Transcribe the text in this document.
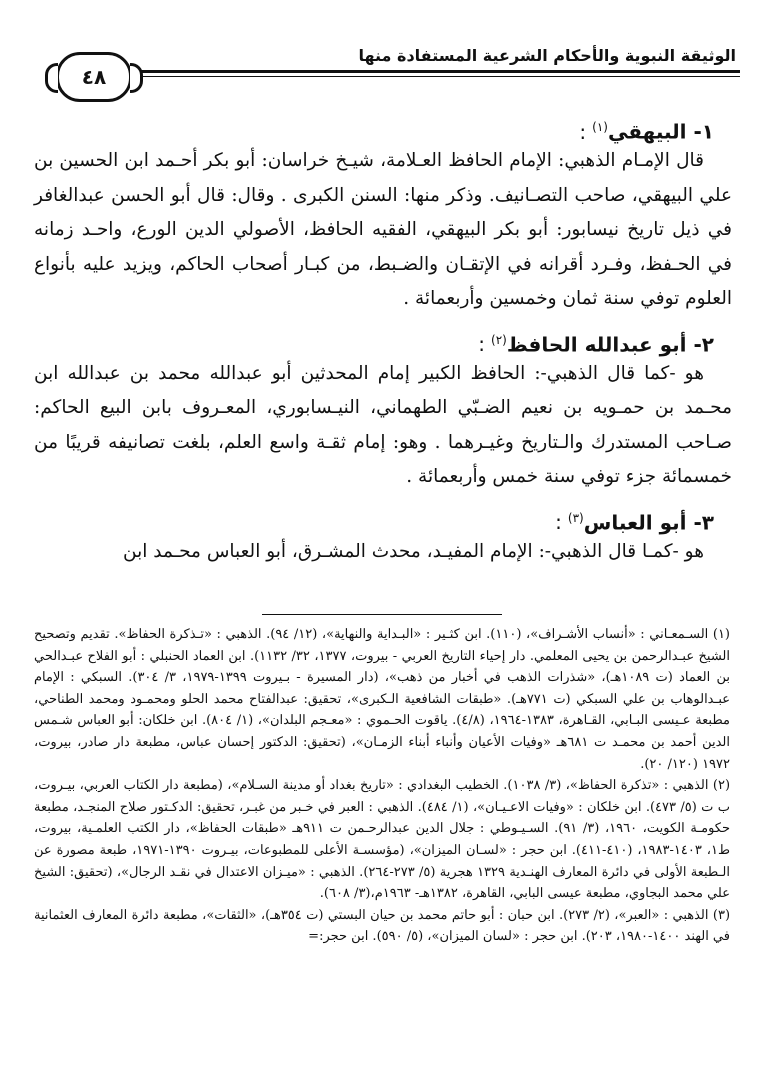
الوثيقة النبوية والأحكام الشرعية المستفادة منها
٤٨
١- البيهقي$^{(١)}$:

قال الإمـام الذهبي: الإمام الحافظ العـلامة، شيـخ خراسان: أبو بكر أحـمد ابن الحسين بن علي البيهقي، صاحب التصـانيف. وذكر منها: السنن الكبرى . وقال: قال أبو الحسن عبدالغافر في ذيل تاريخ نيسابور: أبو بكر البيهقي، الفقيه الحافظ، الأصولي الدين الورع، واحـد زمانه في الحـفظ، وفـرد أقرانه في الإتقـان والضـبط، من كبـار أصحاب الحاكم، ويزيد عليه بأنواع العلوم توفي سنة ثمان وخمسين وأربعمائة .

٢- أبو عبدالله الحافظ$^{(٢)}$:

هو -كما قال الذهبي-: الحافظ الكبير إمام المحدثين أبو عبدالله محمد بن عبدالله ابن محـمد بن حمـويه بن نعيم الضـبّي الطهماني، النيـسابوري، المعـروف بابن البيع الحاكم: صـاحب المستدرك والـتاريخ وغيـرهما . وهو: إمام ثقـة واسع العلم، بلغت تصانيفه قريبًا من خمسمائة جزء توفي سنة خمس وأربعمائة .

٣- أبو العباس$^{(٣)}$:

هو -كمـا قال الذهبي-: الإمام المفيـد، محدث المشـرق، أبو العباس محـمد ابن

(١) السـمعـاني : «أنساب الأشـراف»، (١١٠). ابن كثـير : «البـداية والنهاية»، (١٢/ ٩٤). الذهبي : «تـذكرة الحفاظ». تقديم وتصحيح الشيخ عبـدالرحمن بن يحيى المعلمي. دار إحياء التاريخ العربي - بيروت، ١٣٧٧، ٣٢/ ١١٣٢). ابن العماد الحنبلي : أبو الفلاح عبـدالحي بن العماد (ت ١٠٨٩هـ)، «شذرات الذهب في أخبار من ذهب»، (دار المسيرة - بـيروت ١٣٩٩-١٩٧٩، ٣/ ٣٠٤). السبكي : الإمام عبـدالوهاب بن علي السبكي (ت ٧٧١هـ). «طبقات الشافعية الـكبرى»، تحقيق: عبدالفتاح محمد الحلو ومحمـود ومحمد الطناحي، مطبعة عـيسى البـابي، القـاهرة، ١٣٨٣-١٩٦٤، (٤/٨). ياقوت الحـموي : «معـجم البلدان»، (١/ ٨٠٤). ابن خلكان: أبو العباس شـمس الدين أحمد بن محمـد ت ٦٨١هـ «وفيات الأعيان وأنباء أبناء الزمـان»، (تحقيق: الدكتور إحسان عباس، مطبعة دار صادر، بيروت، ١٩٧٢ (١٢٠/ ٢٠).

(٢) الذهبي : «تذكرة الحفاظ»، (٣/ ١٠٣٨). الخطيب البغدادي : «تاريخ بغداد أو مدينة السـلام»، (مطبعة دار الكتاب العربي، بيـروت، ب ت (٥/ ٤٧٣). ابن خلكان : «وفيات الاعـيـان»، (١/ ٤٨٤). الذهبي : العبر في خـبر من غبـر، تحقيق: الدكـتور صلاح المنجـد، مطبعة حكومـة الكويت، ١٩٦٠، (٣/ ٩١). السـيـوطي : جلال الدين عبدالرحـمن ت ٩١١هـ «طبقات الحفاظ»، دار الكتب العلمـية، بيروت، ط١، ١٤٠٣-١٩٨٣، (٤١٠-٤١١). ابن حجر : «لسـان الميزان»، (مؤسسـة الأعلى للمطبوعات، بيـروت ١٣٩٠-١٩٧١، طبعة مصورة عن الـطبعة الأولى في دائرة المعارف الهنـدية ١٣٢٩ هجرية (٥/ ٢٧٣-٢٦٤). الذهبي : «ميـزان الاعتدال في نقـد الرجال»، (تحقيق: الشيخ علي محمد البجاوي، مطبعة عيسى البابي، القاهرة، ١٣٨٢هـ- ١٩٦٣م،(٣/ ٦٠٨).

(٣) الذهبي : «العبر»، (٢/ ٢٧٣). ابن حبان : أبو حاتم محمد بن حيان البستي (ت ٣٥٤هـ)، «الثقات»، مطبعة دائرة المعارف العثمانية في الهند ١٤٠٠-١٩٨٠، ٢٠٣). ابن حجر : «لسان الميزان»، (٥/ ٥٩٠). ابن حجر:=
